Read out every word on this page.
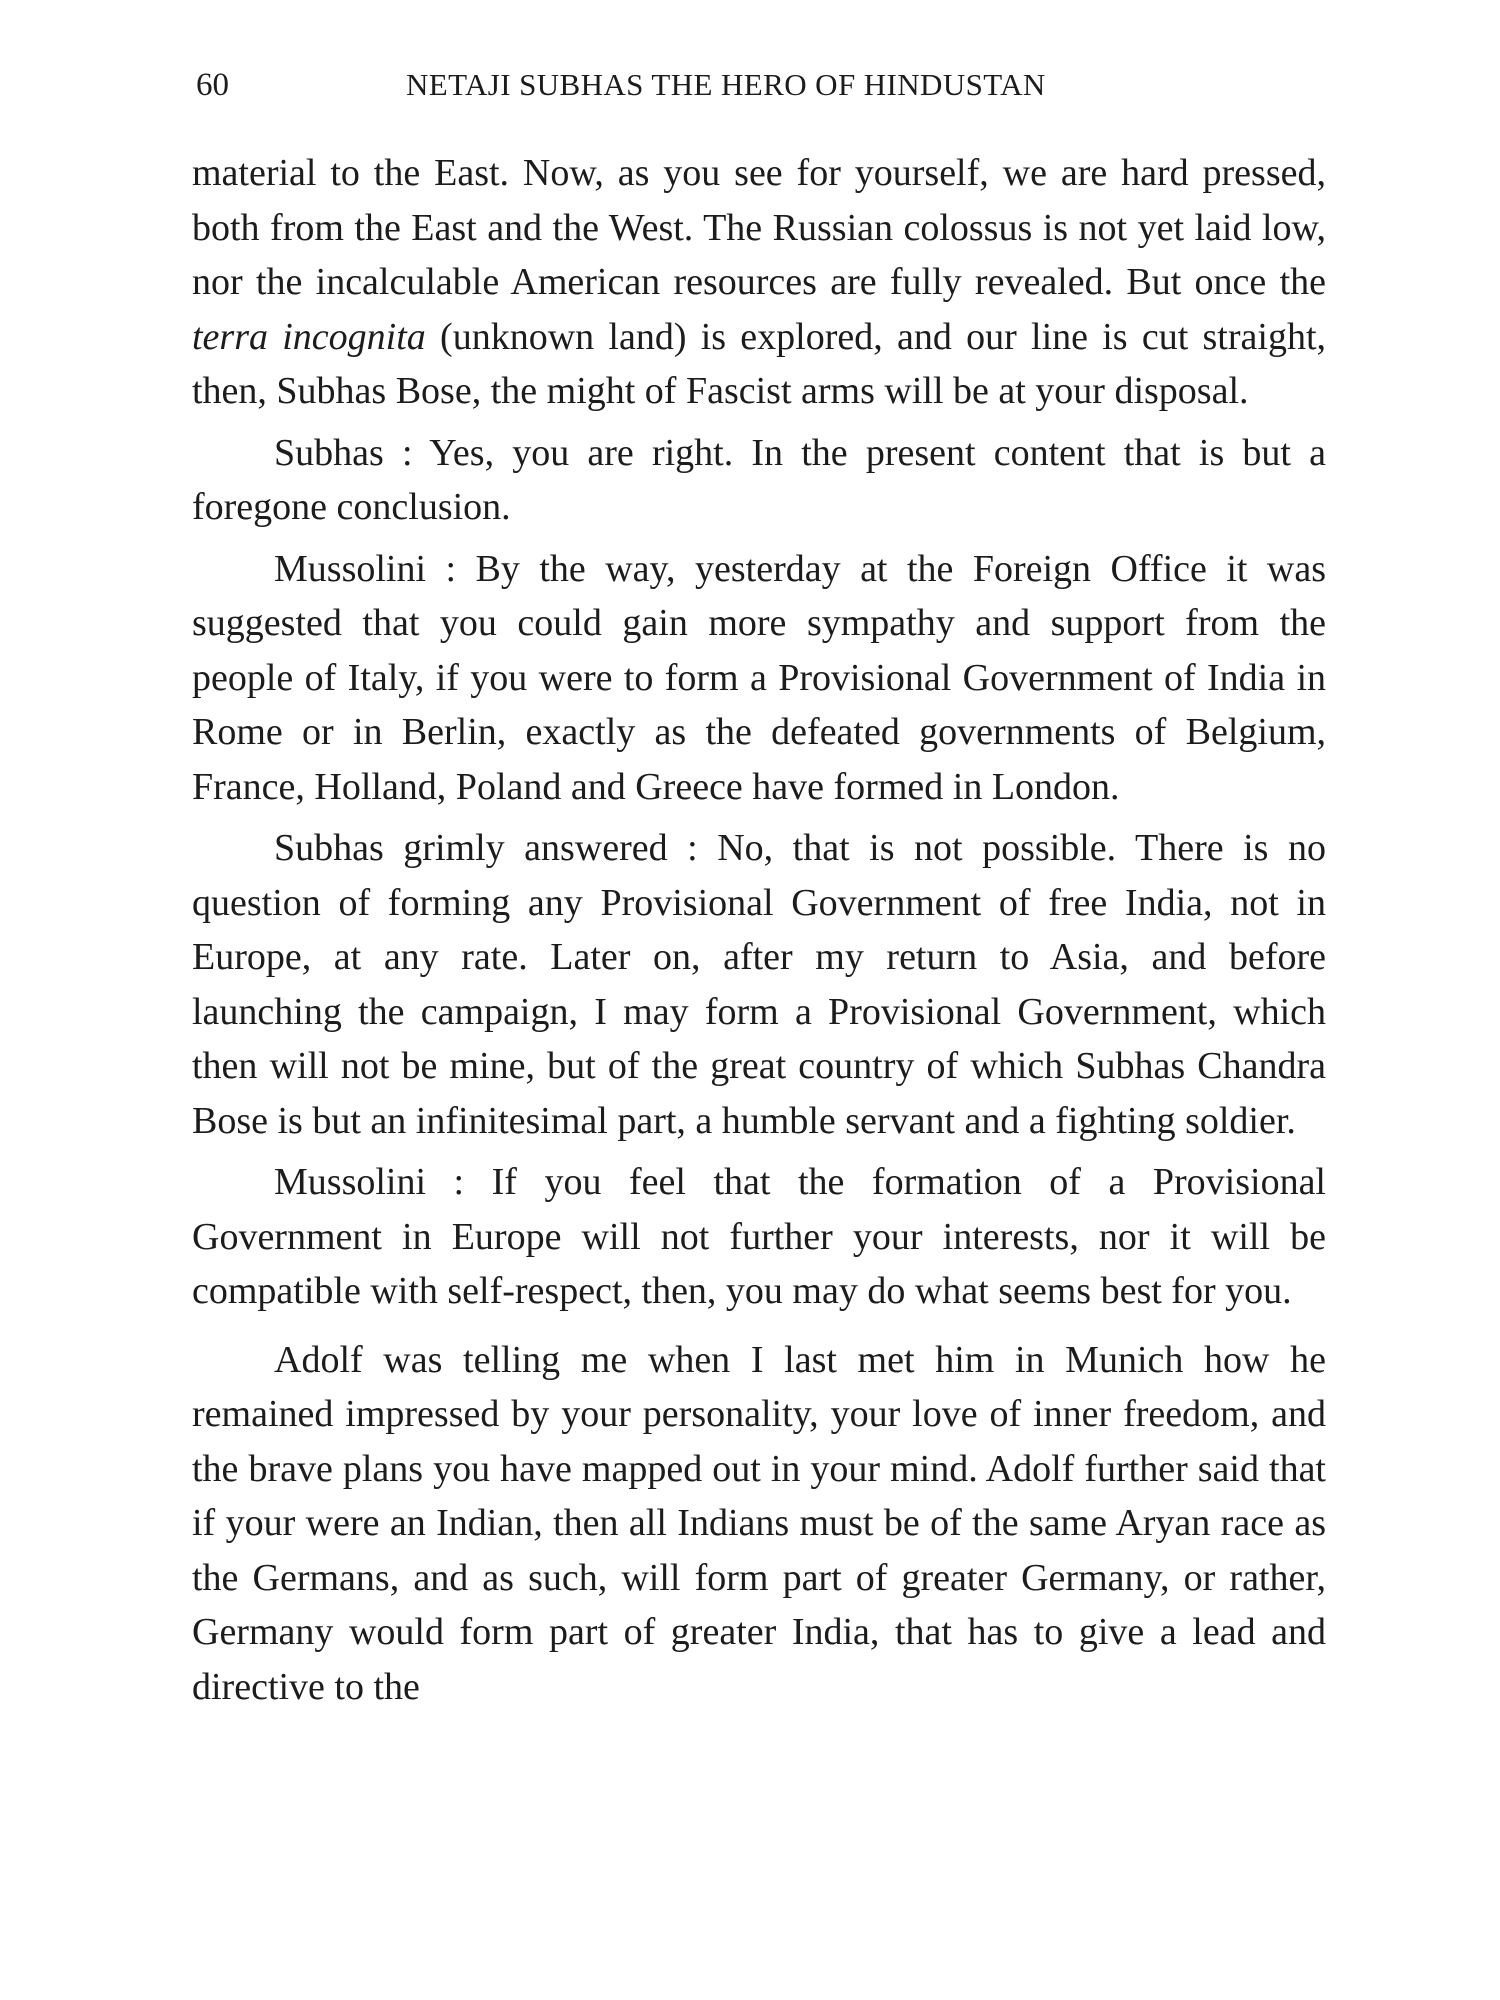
60	NETAJI SUBHAS THE HERO OF HINDUSTAN

material to the East. Now, as you see for yourself, we are hard pressed, both from the East and the West. The Russian colossus is not yet laid low, nor the incalculable American resources are fully revealed. But once the terra incognita (unknown land) is explored, and our line is cut straight, then, Subhas Bose, the might of Fascist arms will be at your disposal.

Subhas : Yes, you are right. In the present content that is but a foregone conclusion.

Mussolini : By the way, yesterday at the Foreign Office it was suggested that you could gain more sympathy and support from the people of Italy, if you were to form a Provisional Government of India in Rome or in Berlin, exactly as the defeated governments of Belgium, France, Holland, Poland and Greece have formed in London.

Subhas grimly answered : No, that is not possible. There is no question of forming any Provisional Government of free India, not in Europe, at any rate. Later on, after my return to Asia, and before launching the campaign, I may form a Provisional Government, which then will not be mine, but of the great country of which Subhas Chandra Bose is but an infinitesimal part, a humble servant and a fighting soldier.

Mussolini : If you feel that the formation of a Provisional Government in Europe will not further your interests, nor it will be compatible with self-respect, then, you may do what seems best for you.

Adolf was telling me when I last met him in Munich how he remained impressed by your personality, your love of inner freedom, and the brave plans you have mapped out in your mind. Adolf further said that if your were an Indian, then all Indians must be of the same Aryan race as the Germans, and as such, will form part of greater Germany, or rather, Germany would form part of greater India, that has to give a lead and directive to the
